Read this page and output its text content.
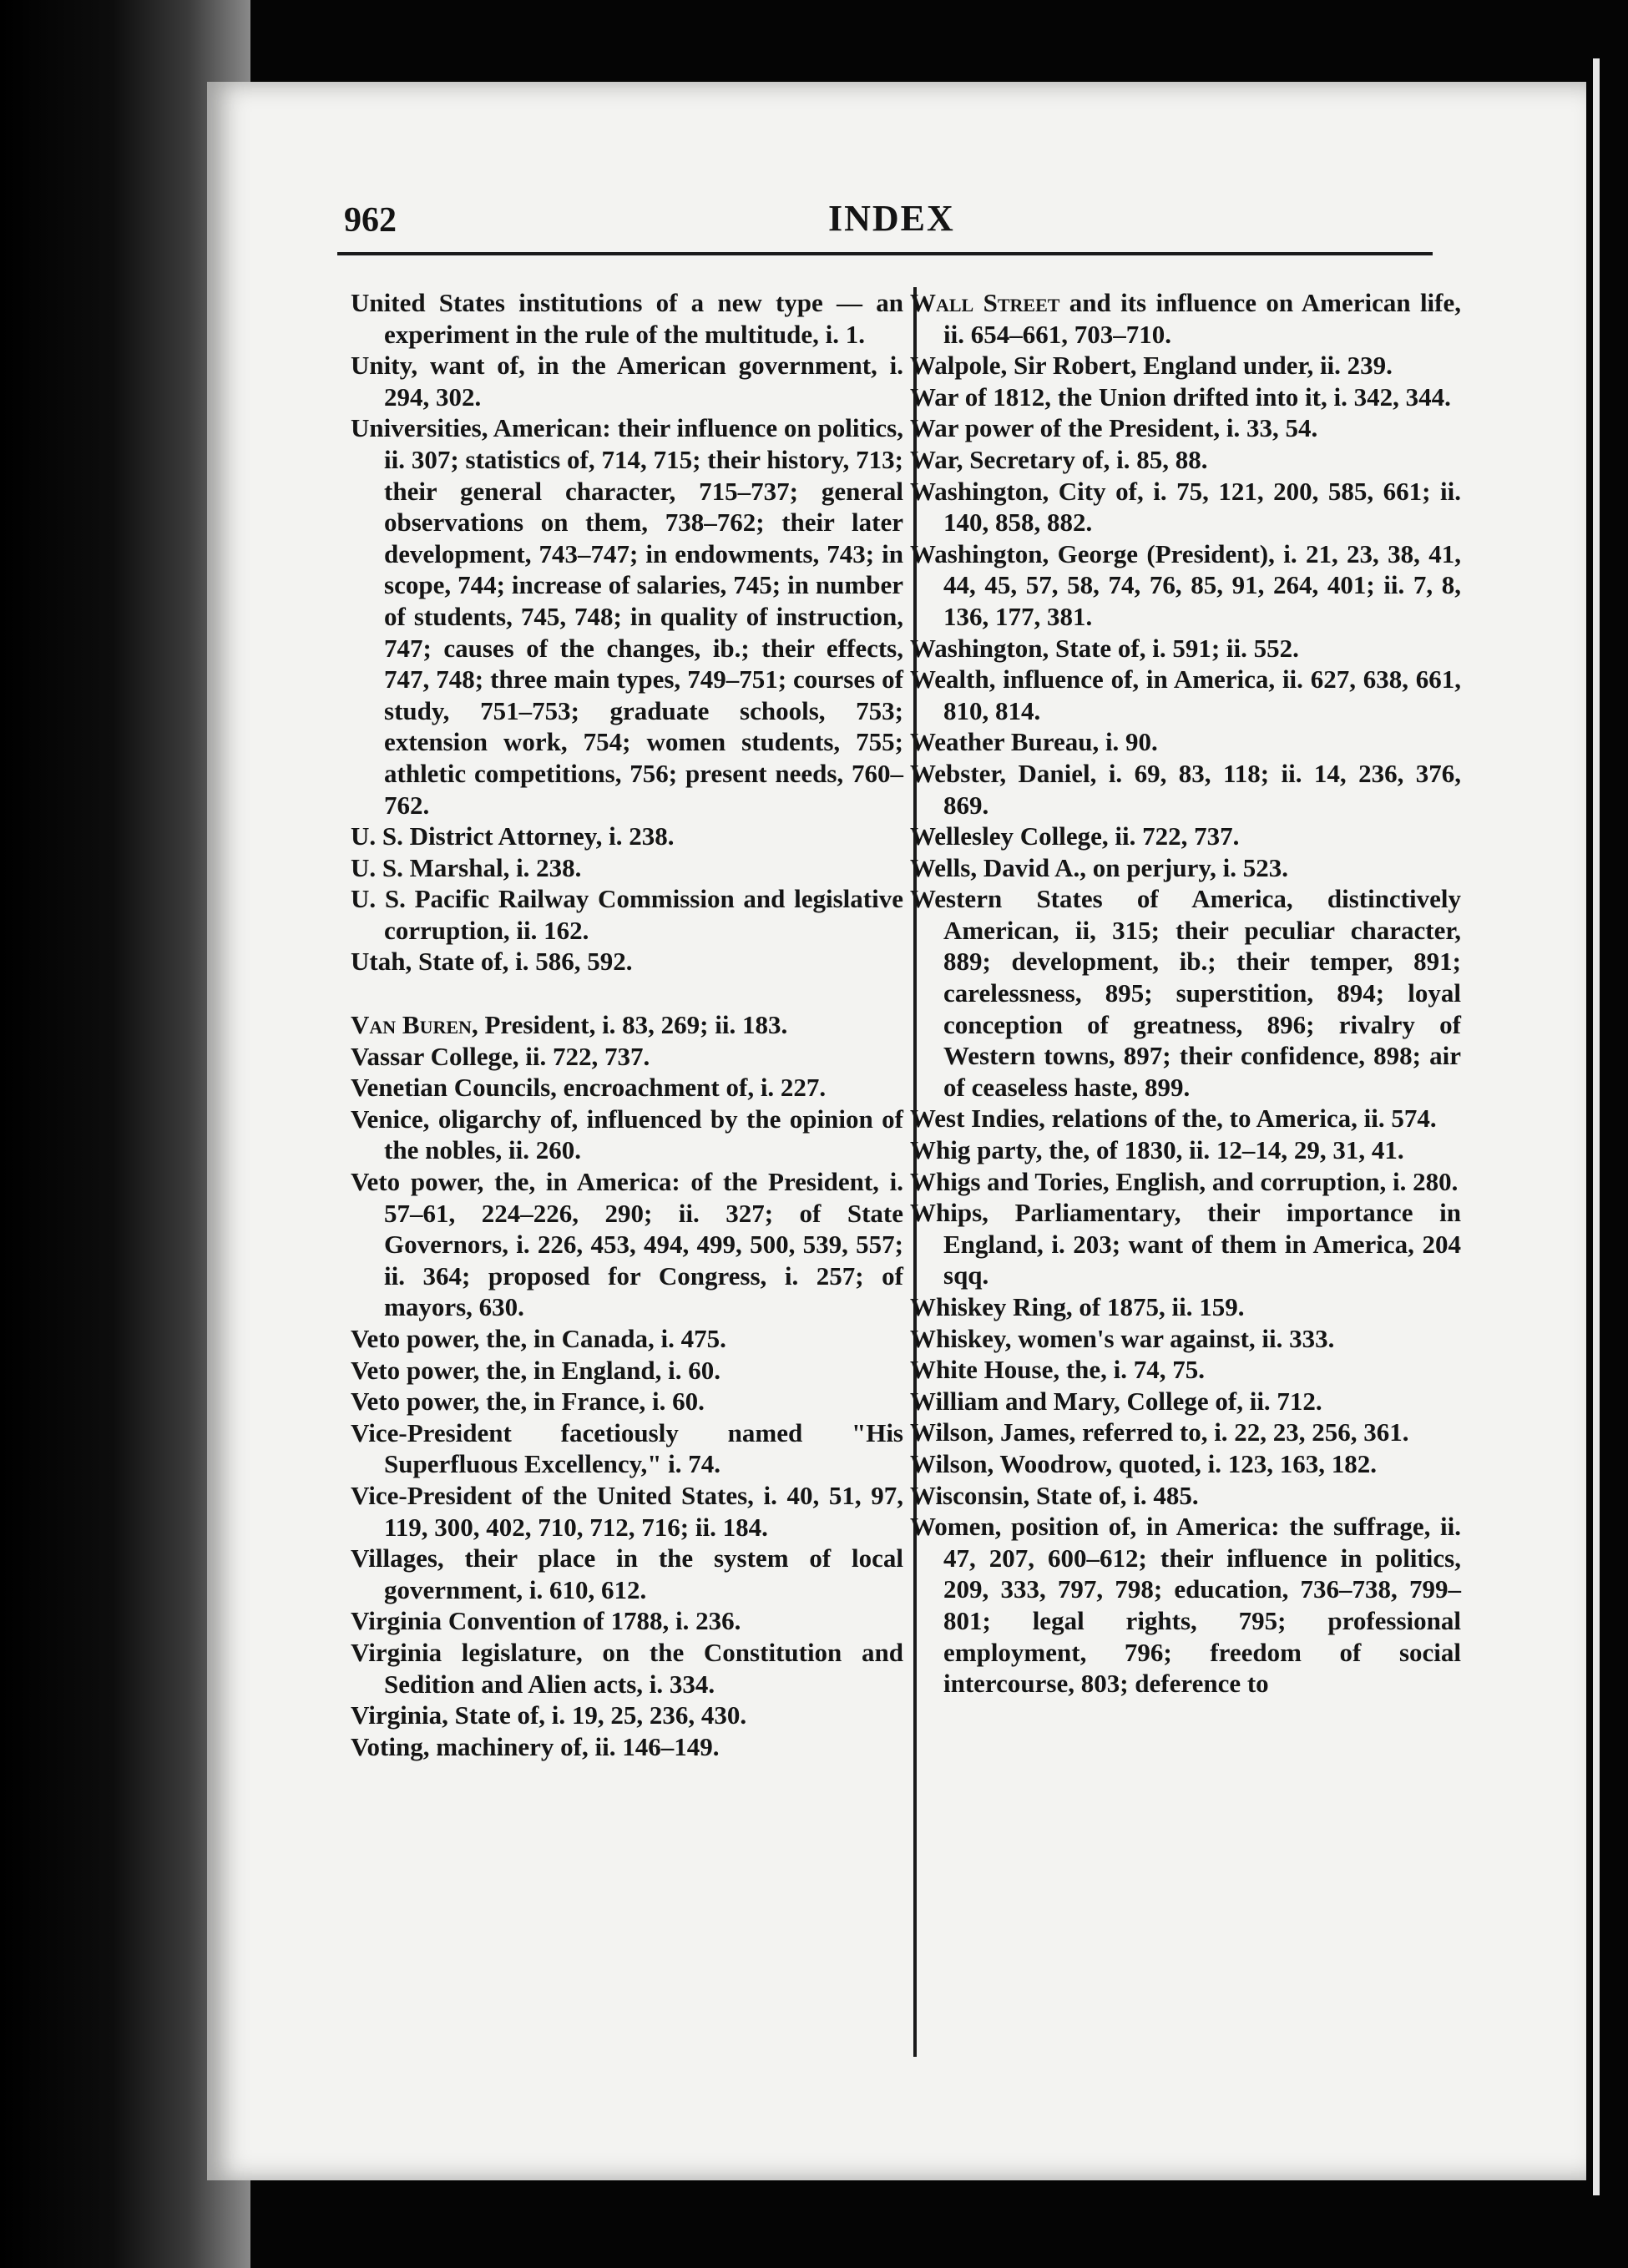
962	INDEX

United States institutions of a new type — an experiment in the rule of the multitude, i. 1.

Unity, want of, in the American government, i. 294, 302.

Universities, American: their influence on politics, ii. 307; statistics of, 714, 715; their history, 713; their general character, 715–737; general observations on them, 738–762; their later development, 743–747; in endowments, 743; in scope, 744; increase of salaries, 745; in number of students, 745, 748; in quality of instruction, 747; causes of the changes, ib.; their effects, 747, 748; three main types, 749–751; courses of study, 751–753; graduate schools, 753; extension work, 754; women students, 755; athletic competitions, 756; present needs, 760–762.

U. S. District Attorney, i. 238.

U. S. Marshal, i. 238.

U. S. Pacific Railway Commission and legislative corruption, ii. 162.

Utah, State of, i. 586, 592.

Van Buren, President, i. 83, 269; ii. 183.

Vassar College, ii. 722, 737.

Venetian Councils, encroachment of, i. 227.

Venice, oligarchy of, influenced by the opinion of the nobles, ii. 260.

Veto power, the, in America: of the President, i. 57–61, 224–226, 290; ii. 327; of State Governors, i. 226, 453, 494, 499, 500, 539, 557; ii. 364; proposed for Congress, i. 257; of mayors, 630.

Veto power, the, in Canada, i. 475.

Veto power, the, in England, i. 60.

Veto power, the, in France, i. 60.

Vice-President facetiously named "His Superfluous Excellency," i. 74.

Vice-President of the United States, i. 40, 51, 97, 119, 300, 402, 710, 712, 716; ii. 184.

Villages, their place in the system of local government, i. 610, 612.

Virginia Convention of 1788, i. 236.

Virginia legislature, on the Constitution and Sedition and Alien acts, i. 334.

Virginia, State of, i. 19, 25, 236, 430.

Voting, machinery of, ii. 146–149.

Wall Street and its influence on American life, ii. 654–661, 703–710.

Walpole, Sir Robert, England under, ii. 239.

War of 1812, the Union drifted into it, i. 342, 344.

War power of the President, i. 33, 54.

War, Secretary of, i. 85, 88.

Washington, City of, i. 75, 121, 200, 585, 661; ii. 140, 858, 882.

Washington, George (President), i. 21, 23, 38, 41, 44, 45, 57, 58, 74, 76, 85, 91, 264, 401; ii. 7, 8, 136, 177, 381.

Washington, State of, i. 591; ii. 552.

Wealth, influence of, in America, ii. 627, 638, 661, 810, 814.

Weather Bureau, i. 90.

Webster, Daniel, i. 69, 83, 118; ii. 14, 236, 376, 869.

Wellesley College, ii. 722, 737.

Wells, David A., on perjury, i. 523.

Western States of America, distinctively American, ii, 315; their peculiar character, 889; development, ib.; their temper, 891; carelessness, 895; superstition, 894; loyal conception of greatness, 896; rivalry of Western towns, 897; their confidence, 898; air of ceaseless haste, 899.

West Indies, relations of the, to America, ii. 574.

Whig party, the, of 1830, ii. 12–14, 29, 31, 41.

Whigs and Tories, English, and corruption, i. 280.

Whips, Parliamentary, their importance in England, i. 203; want of them in America, 204 sqq.

Whiskey Ring, of 1875, ii. 159.

Whiskey, women's war against, ii. 333.

White House, the, i. 74, 75.

William and Mary, College of, ii. 712.

Wilson, James, referred to, i. 22, 23, 256, 361.

Wilson, Woodrow, quoted, i. 123, 163, 182.

Wisconsin, State of, i. 485.

Women, position of, in America: the suffrage, ii. 47, 207, 600–612; their influence in politics, 209, 333, 797, 798; education, 736–738, 799–801; legal rights, 795; professional employment, 796; freedom of social intercourse, 803; deference to
